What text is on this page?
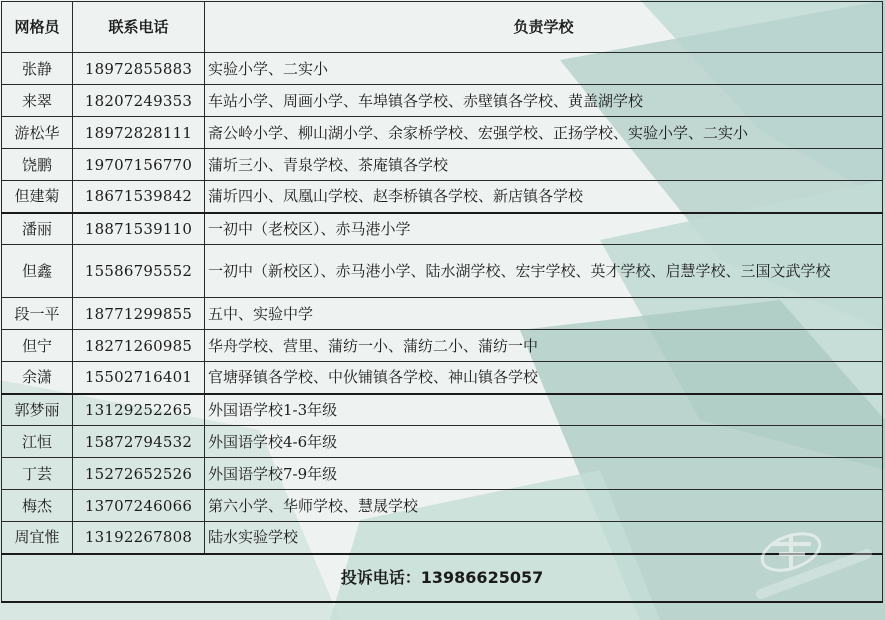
网格员	联系电话	负责学校
张静	18972855883	实验小学、二实小
来翠	18207249353	车站小学、周画小学、车埠镇各学校、赤壁镇各学校、黄盖湖学校
游松华	18972828111	斋公岭小学、柳山湖小学、余家桥学校、宏强学校、正扬学校、实验小学、二实小
饶鹏	19707156770	蒲圻三小、青泉学校、茶庵镇各学校
但建菊	18671539842	蒲圻四小、凤凰山学校、赵李桥镇各学校、新店镇各学校
潘丽	18871539110	一初中（老校区）、赤马港小学
但鑫	15586795552	一初中（新校区）、赤马港小学、陆水湖学校、宏宇学校、英才学校、启慧学校、三国文武学校
段一平	18771299855	五中、实验中学
但宁	18271260985	华舟学校、营里、蒲纺一小、蒲纺二小、蒲纺一中
余潇	15502716401	官塘驿镇各学校、中伙铺镇各学校、神山镇各学校
郭梦丽	13129252265	外国语学校1-3年级
江恒	15872794532	外国语学校4-6年级
丁芸	15272652526	外国语学校7-9年级
梅杰	13707246066	第六小学、华师学校、慧晟学校
周宜惟	13192267808	陆水实验学校
投诉电话：13986625057		
